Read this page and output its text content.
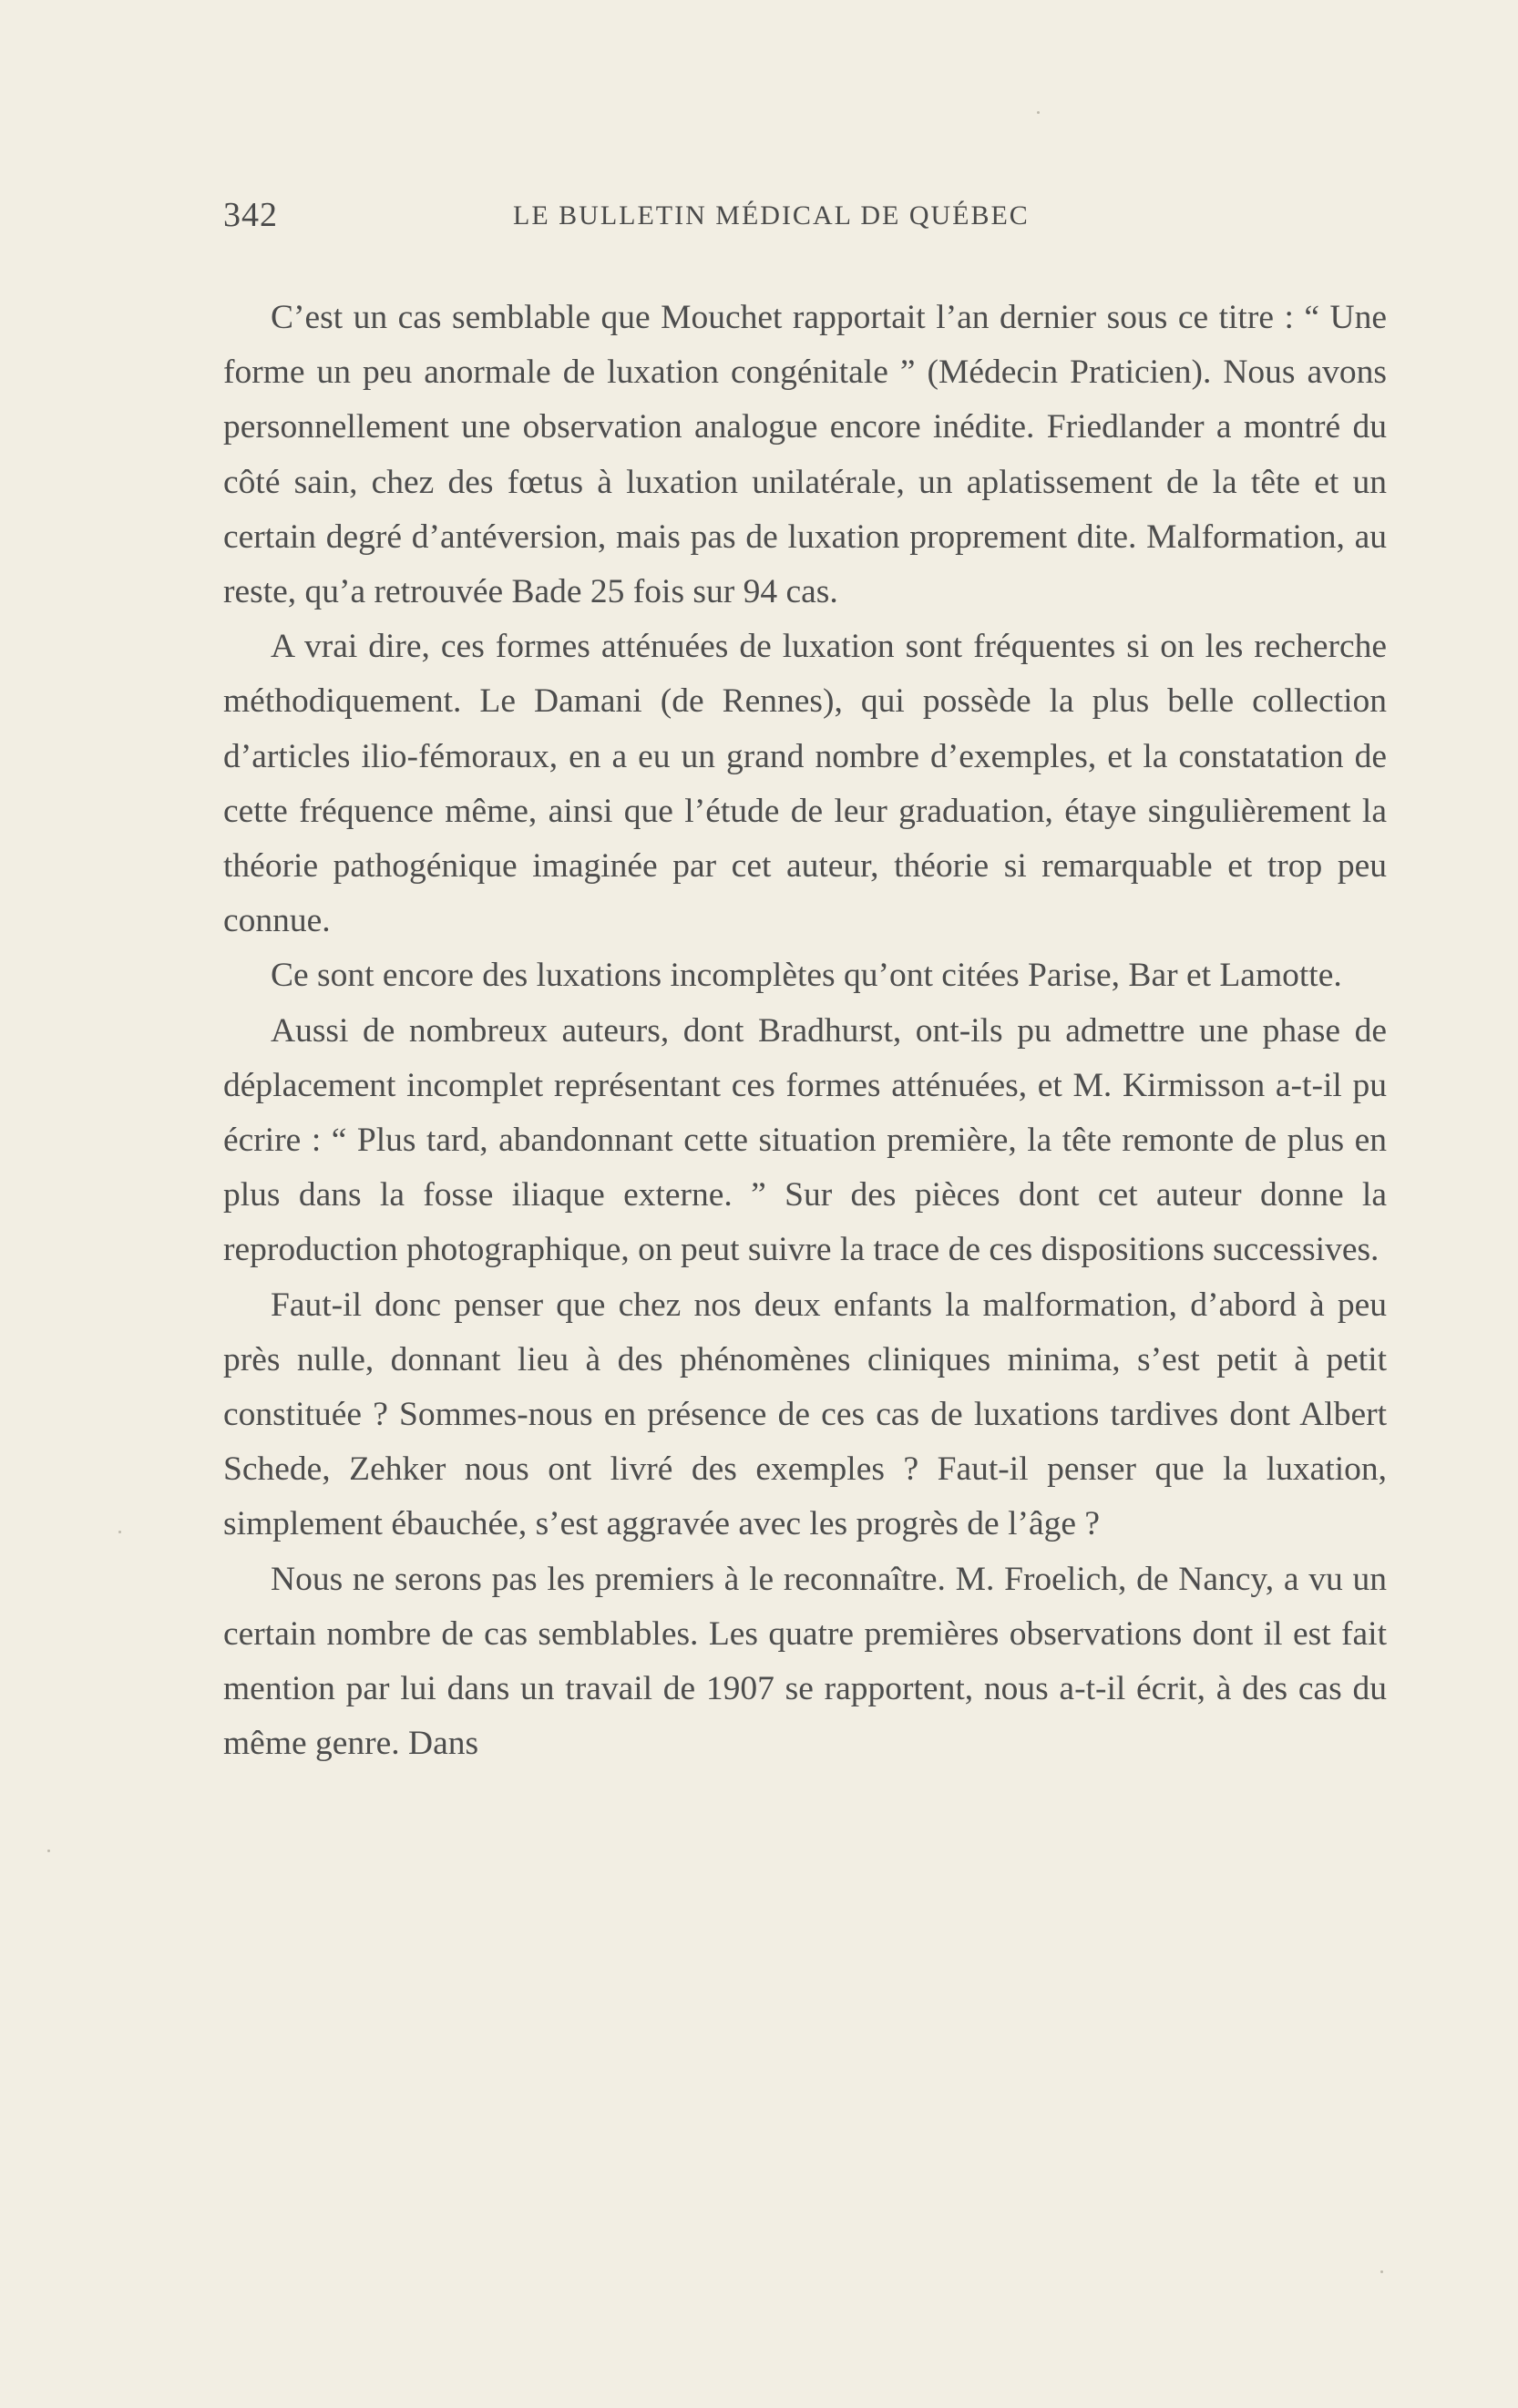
342	LE BULLETIN MÉDICAL DE QUÉBEC

C’est un cas semblable que Mouchet rapportait l’an dernier sous ce titre : “ Une forme un peu anormale de luxation congénitale ” (Médecin Praticien). Nous avons personnellement une observation analogue encore inédite. Friedlander a montré du côté sain, chez des fœtus à luxation unilatérale, un aplatissement de la tête et un certain degré d’antéversion, mais pas de luxation proprement dite. Malformation, au reste, qu’a retrouvée Bade 25 fois sur 94 cas.

A vrai dire, ces formes atténuées de luxation sont fréquentes si on les recherche méthodiquement. Le Damani (de Rennes), qui possède la plus belle collection d’articles ilio-fémoraux, en a eu un grand nombre d’exemples, et la constatation de cette fréquence même, ainsi que l’étude de leur graduation, étaye singulièrement la théorie pathogénique imaginée par cet auteur, théorie si remarquable et trop peu connue.

Ce sont encore des luxations incomplètes qu’ont citées Parise, Bar et Lamotte.

Aussi de nombreux auteurs, dont Bradhurst, ont-ils pu admettre une phase de déplacement incomplet représentant ces formes atténuées, et M. Kirmisson a-t-il pu écrire : “ Plus tard, abandonnant cette situation première, la tête remonte de plus en plus dans la fosse iliaque externe. ” Sur des pièces dont cet auteur donne la reproduction photographique, on peut suivre la trace de ces dispositions successives.

Faut-il donc penser que chez nos deux enfants la malformation, d’abord à peu près nulle, donnant lieu à des phénomènes cliniques minima, s’est petit à petit constituée ? Sommes-nous en présence de ces cas de luxations tardives dont Albert Schede, Zehker nous ont livré des exemples ? Faut-il penser que la luxation, simplement ébauchée, s’est aggravée avec les progrès de l’âge ?

Nous ne serons pas les premiers à le reconnaître. M. Froelich, de Nancy, a vu un certain nombre de cas semblables. Les quatre premières observations dont il est fait mention par lui dans un travail de 1907 se rapportent, nous a-t-il écrit, à des cas du même genre. Dans
